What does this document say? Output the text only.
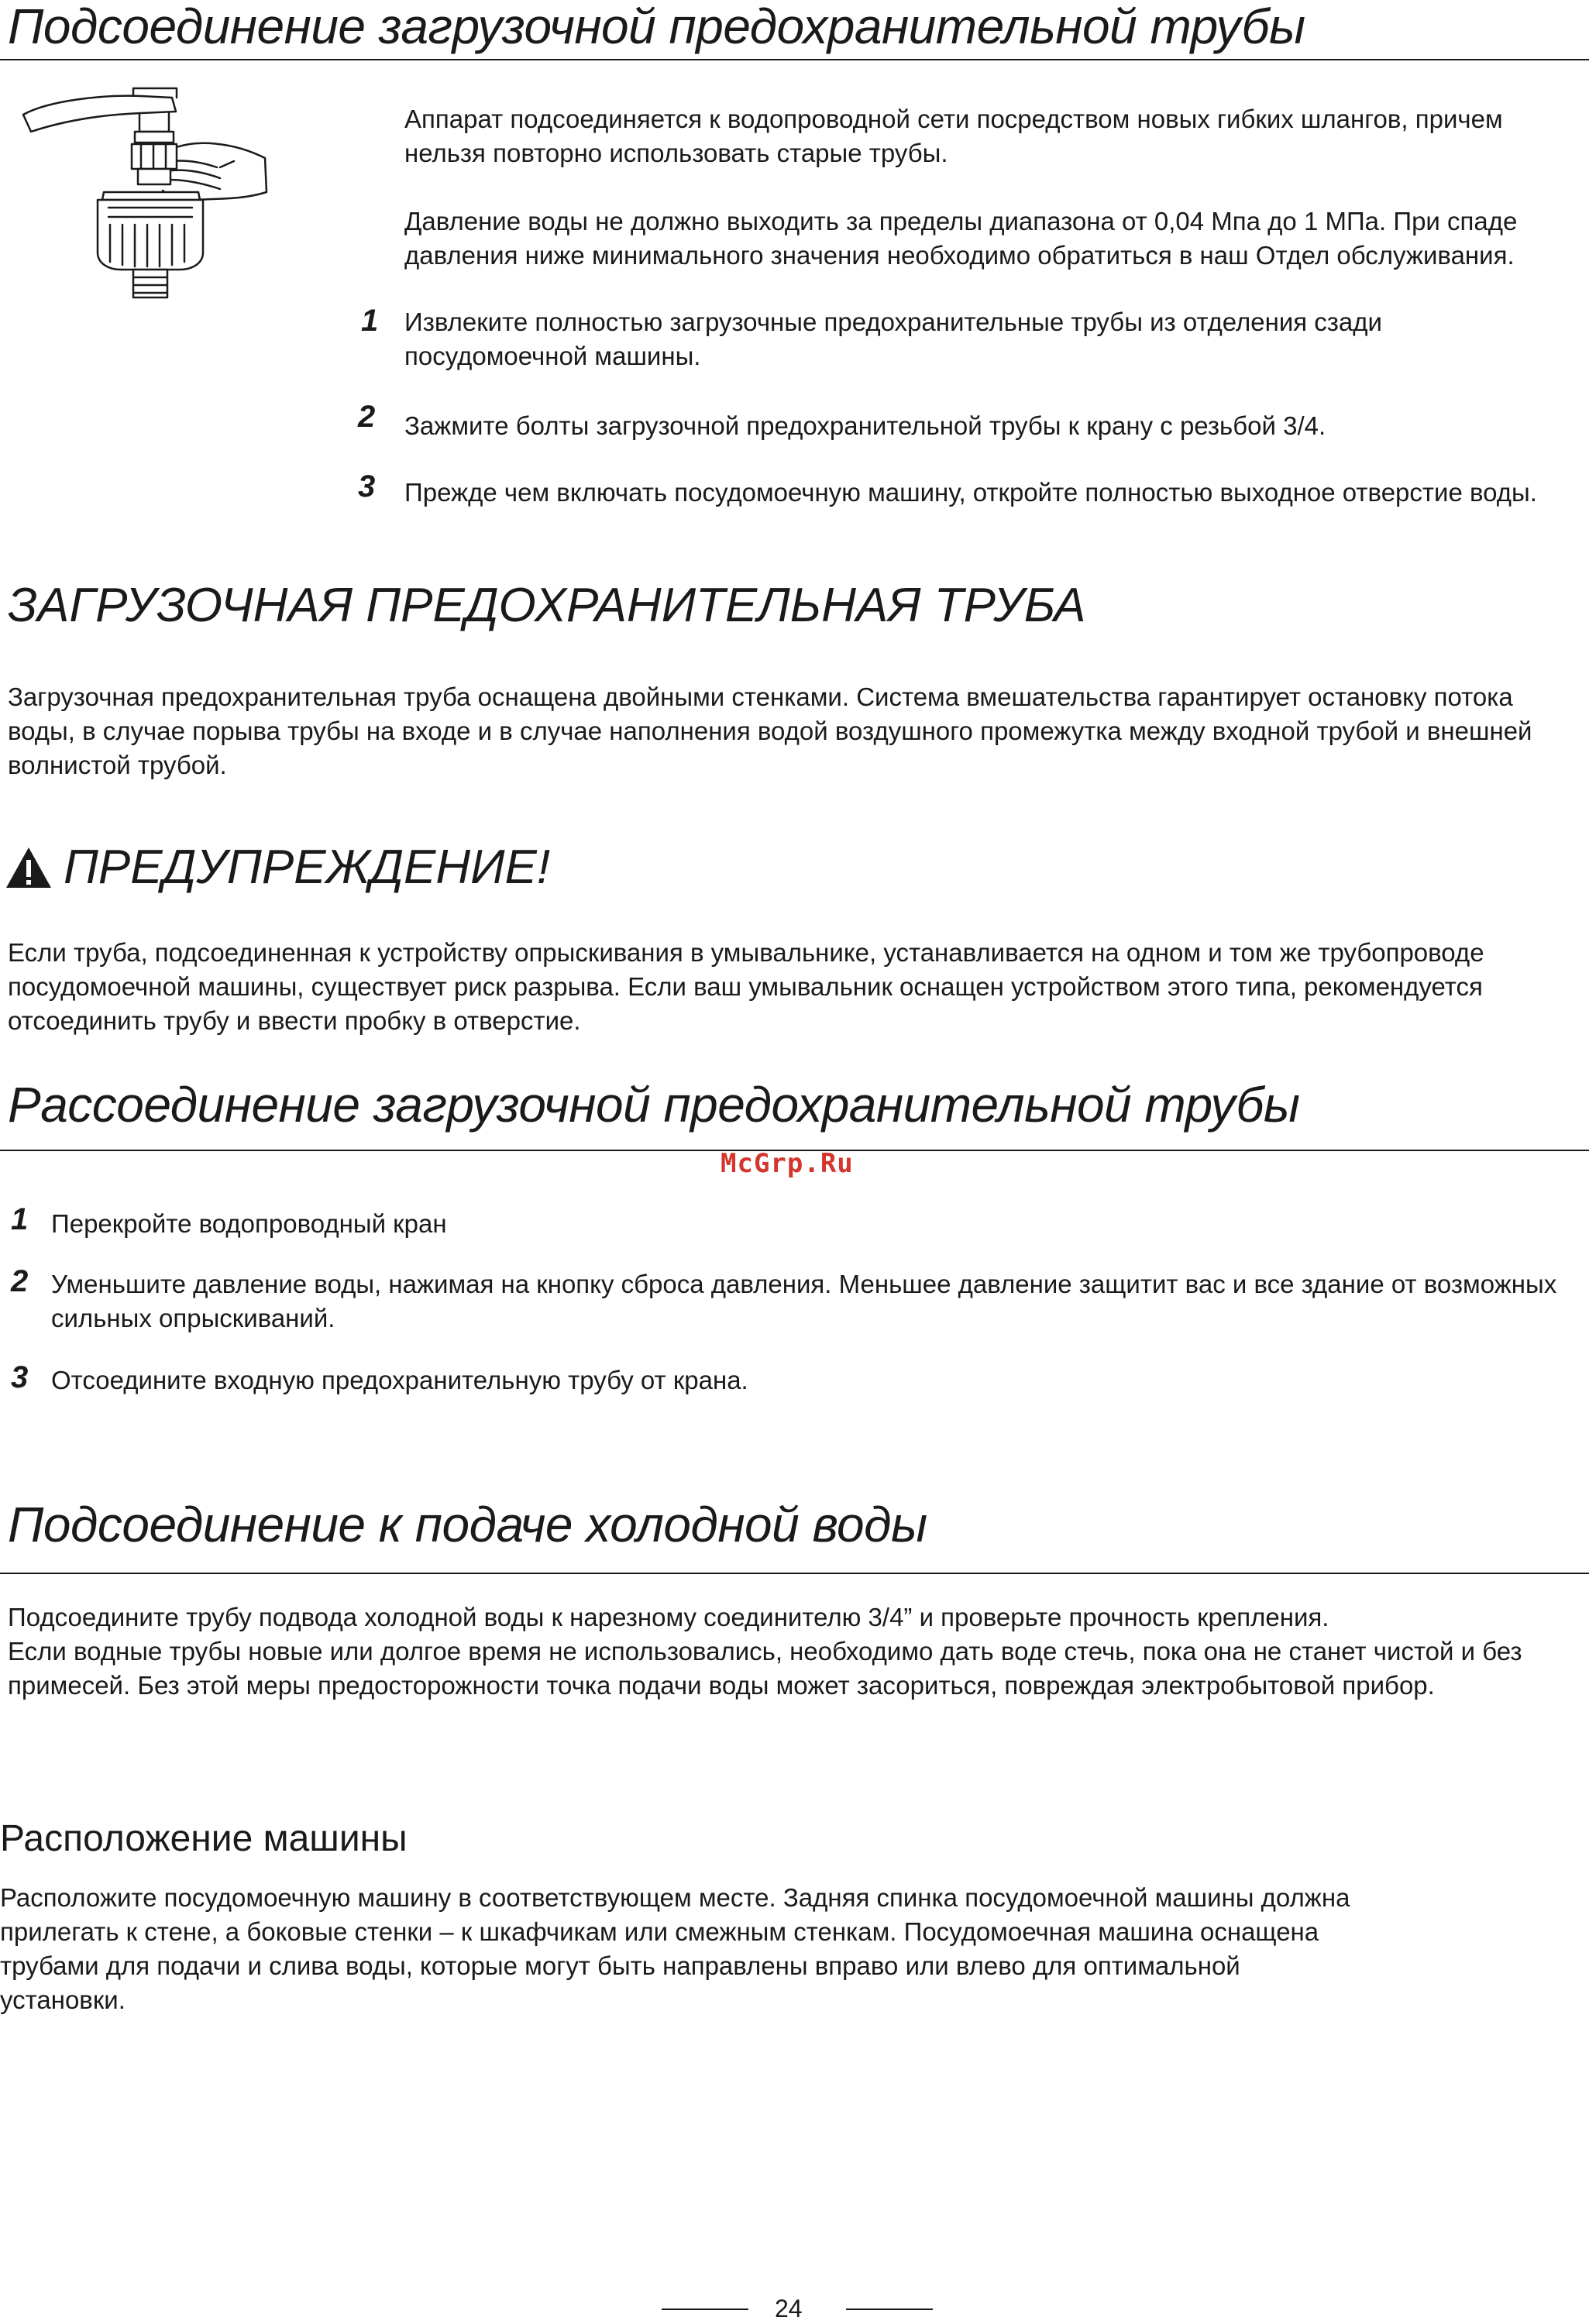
Подсоединение загрузочной предохранительной трубы
Аппарат подсоединяется к водопроводной сети посредством новых гибких шлангов, причем нельзя повторно использовать старые трубы.
Давление воды не должно выходить за пределы диапазона от 0,04 Мпа до 1 МПа. При спаде давления ниже минимального значения необходимо обратиться в наш Отдел обслуживания.
1 Извлеките полностью загрузочные предохранительные трубы из отделения сзади посудомоечной машины.
2 Зажмите болты загрузочной предохранительной трубы к крану с резьбой 3/4.
3 Прежде чем включать посудомоечную машину, откройте полностью выходное отверстие воды.
ЗАГРУЗОЧНАЯ ПРЕДОХРАНИТЕЛЬНАЯ ТРУБА
Загрузочная предохранительная труба оснащена двойными стенками. Система вмешательства гарантирует остановку потока воды, в случае порыва трубы на входе и в случае наполнения водой воздушного промежутка между входной трубой и внешней волнистой трубой.
ПРЕДУПРЕЖДЕНИЕ!
Если труба, подсоединенная к устройству опрыскивания в умывальнике, устанавливается на одном и том же трубопроводе посудомоечной машины, существует риск разрыва. Если ваш умывальник оснащен устройством этого типа, рекомендуется отсоединить трубу и ввести пробку в отверстие.
Рассоединение загрузочной предохранительной трубы
McGrp.Ru
1 Перекройте водопроводный кран
2 Уменьшите давление воды, нажимая на кнопку сброса давления. Меньшее давление защитит вас и все здание от возможных сильных опрыскиваний.
3 Отсоедините входную предохранительную трубу от крана.
Подсоединение к подаче холодной воды
Подсоедините трубу подвода холодной воды к нарезному соединителю 3/4” и проверьте прочность крепления.
Если водные трубы новые или долгое время не использовались, необходимо дать воде стечь, пока она не станет чистой и без примесей. Без этой меры предосторожности точка подачи воды может засориться, повреждая электробытовой прибор.
Расположение машины
Расположите посудомоечную машину в соответствующем месте. Задняя спинка посудомоечной машины должна прилегать к стене, а боковые стенки – к шкафчикам или смежным стенкам. Посудомоечная машина оснащена трубами для подачи и слива воды, которые могут быть направлены вправо или влево для оптимальной установки.
24
